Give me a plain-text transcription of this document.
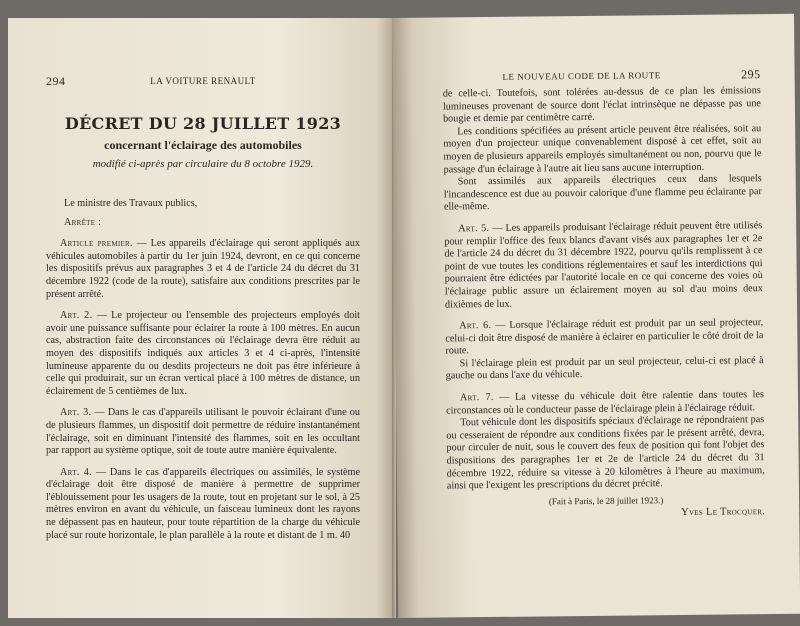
294	LA VOITURE RENAULT
DÉCRET DU 28 JUILLET 1923
concernant l'éclairage des automobiles
modifié ci-après par circulaire du 8 octobre 1929.

Le ministre des Travaux publics,

Arrête :

Article premier. — Les appareils d'éclairage qui seront appliqués aux véhicules automobiles à partir du 1er juin 1924, devront, en ce qui concerne les dispositifs prévus aux paragraphes 3 et 4 de l'article 24 du décret du 31 décembre 1922 (code de la route), satisfaire aux conditions prescrites par le présent arrêté.

Art. 2. — Le projecteur ou l'ensemble des projecteurs employés doit avoir une puissance suffisante pour éclairer la route à 100 mètres. En aucun cas, abstraction faite des circonstances où l'éclairage devra être réduit au moyen des dispositifs indiqués aux articles 3 et 4 ci-après, l'intensité lumineuse apparente du ou desdits projecteurs ne doit pas être inférieure à celle qui produirait, sur un écran vertical placé à 100 mètres de distance, un éclairement de 5 centièmes de lux.

Art. 3. — Dans le cas d'appareils utilisant le pouvoir éclairant d'une ou de plusieurs flammes, un dispositif doit permettre de réduire instantanément l'éclairage, soit en diminuant l'intensité des flammes, soit en les occultant par rapport au système optique, soit de toute autre manière équivalente.

Art. 4. — Dans le cas d'appareils électriques ou assimilés, le système d'éclairage doit être disposé de manière à permettre de supprimer l'éblouissement pour les usagers de la route, tout en projetant sur le sol, à 25 mètres environ en avant du véhicule, un faisceau lumineux dont les rayons ne dépassent pas en hauteur, pour toute répartition de la charge du véhicule placé sur route horizontale, le plan parallèle à la route et distant de 1 m. 40

LE NOUVEAU CODE DE LA ROUTE	295

de celle-ci. Toutefois, sont tolérées au-dessus de ce plan les émissions lumineuses provenant de source dont l'éclat intrinsèque ne dépasse pas une bougie et demie par centimètre carré.

Les conditions spécifiées au présent article peuvent être réalisées, soit au moyen d'un projecteur unique convenablement disposé à cet effet, soit au moyen de plusieurs appareils employés simultanément ou non, pourvu que le passage d'un éclairage à l'autre ait lieu sans aucune interruption.

Sont assimilés aux appareils électriques ceux dans lesquels l'incandescence est due au pouvoir calorique d'une flamme peu éclairante par elle-même.

Art. 5. — Les appareils produisant l'éclairage réduit peuvent être utilisés pour remplir l'office des feux blancs d'avant visés aux paragraphes 1er et 2e de l'article 24 du décret du 31 décembre 1922, pourvu qu'ils remplissent à ce point de vue toutes les conditions réglementaires et sauf les interdictions qui pourraient être édictées par l'autorité locale en ce qui concerne des voies où l'éclairage public assure un éclairement moyen au sol d'au moins deux dixièmes de lux.

Art. 6. — Lorsque l'éclairage réduit est produit par un seul projecteur, celui-ci doit être disposé de manière à éclairer en particulier le côté droit de la route.

Si l'éclairage plein est produit par un seul projecteur, celui-ci est placé à gauche ou dans l'axe du véhicule.

Art. 7. — La vitesse du véhicule doit être ralentie dans toutes les circonstances où le conducteur passe de l'éclairage plein à l'éclairage réduit.

Tout véhicule dont les dispositifs spéciaux d'éclairage ne répondraient pas ou cesseraient de répondre aux conditions fixées par le présent arrêté, devra, pour circuler de nuit, sous le couvert des feux de position qui font l'objet des dispositions des paragraphes 1er et 2e de l'article 24 du décret du 31 décembre 1922, réduire sa vitesse à 20 kilomètres à l'heure au maximum, ainsi que l'exigent les prescriptions du décret précité.

(Fait à Paris, le 28 juillet 1923.)
Yves Le Trocquer.
